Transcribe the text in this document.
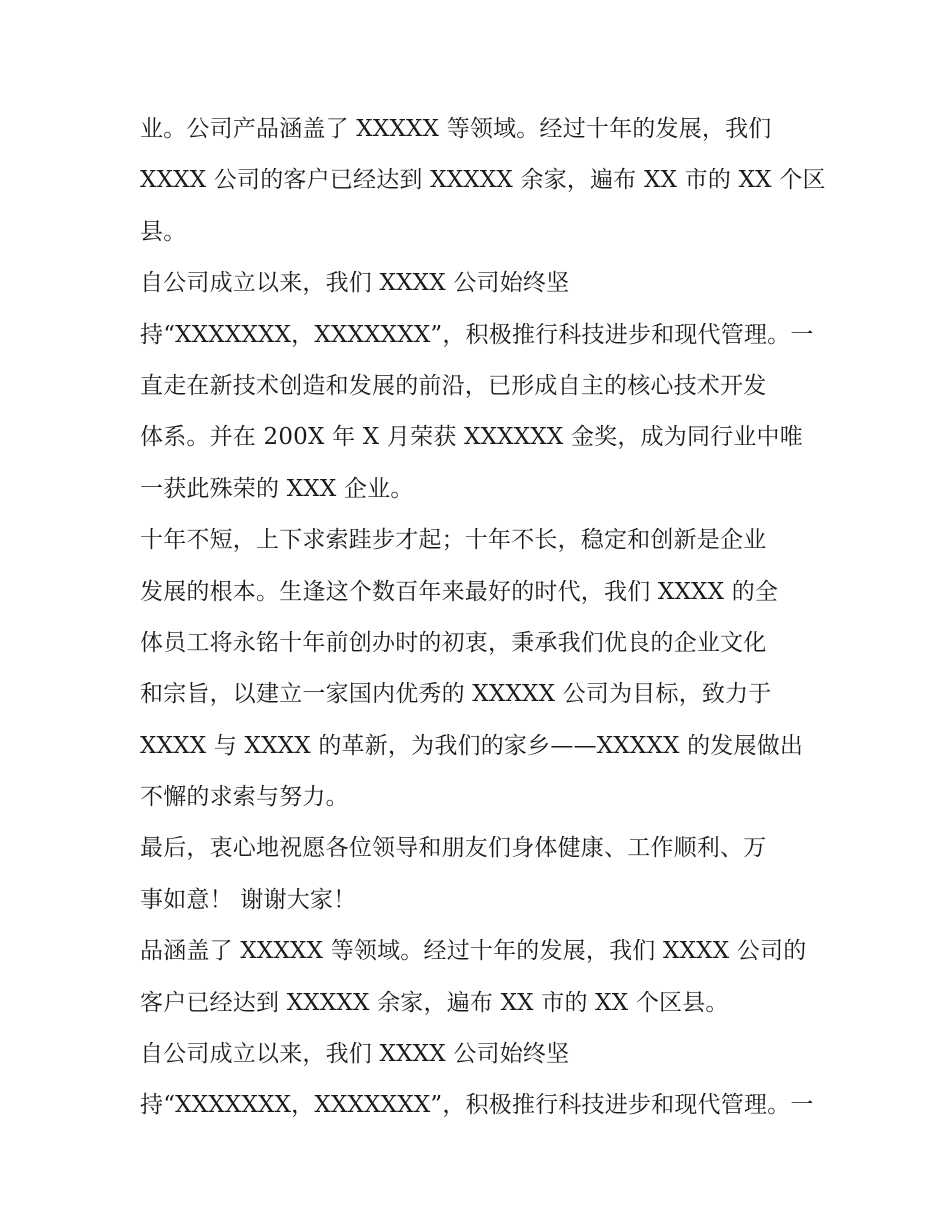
业。公司产品涵盖了 XXXXX 等领域。经过十年的发展，我们
XXXX 公司的客户已经达到 XXXXX 余家，遍布 XX 市的 XX 个区
县。
自公司成立以来，我们 XXXX 公司始终坚
持“XXXXXXX，XXXXXXX”，积极推行科技进步和现代管理。一
直走在新技术创造和发展的前沿，已形成自主的核心技术开发
体系。并在 200X 年 X 月荣获 XXXXXX 金奖，成为同行业中唯
一获此殊荣的 XXX 企业。
十年不短，上下求索跬步才起；十年不长，稳定和创新是企业
发展的根本。生逢这个数百年来最好的时代，我们 XXXX 的全
体员工将永铭十年前创办时的初衷，秉承我们优良的企业文化
和宗旨，以建立一家国内优秀的 XXXXX 公司为目标，致力于
XXXX 与 XXXX 的革新，为我们的家乡——XXXXX 的发展做出
不懈的求索与努力。
最后，衷心地祝愿各位领导和朋友们身体健康、工作顺利、万
事如意！ 谢谢大家！
品涵盖了 XXXXX 等领域。经过十年的发展，我们 XXXX 公司的
客户已经达到 XXXXX 余家，遍布 XX 市的 XX 个区县。
自公司成立以来，我们 XXXX 公司始终坚
持“XXXXXXX，XXXXXXX”，积极推行科技进步和现代管理。一
